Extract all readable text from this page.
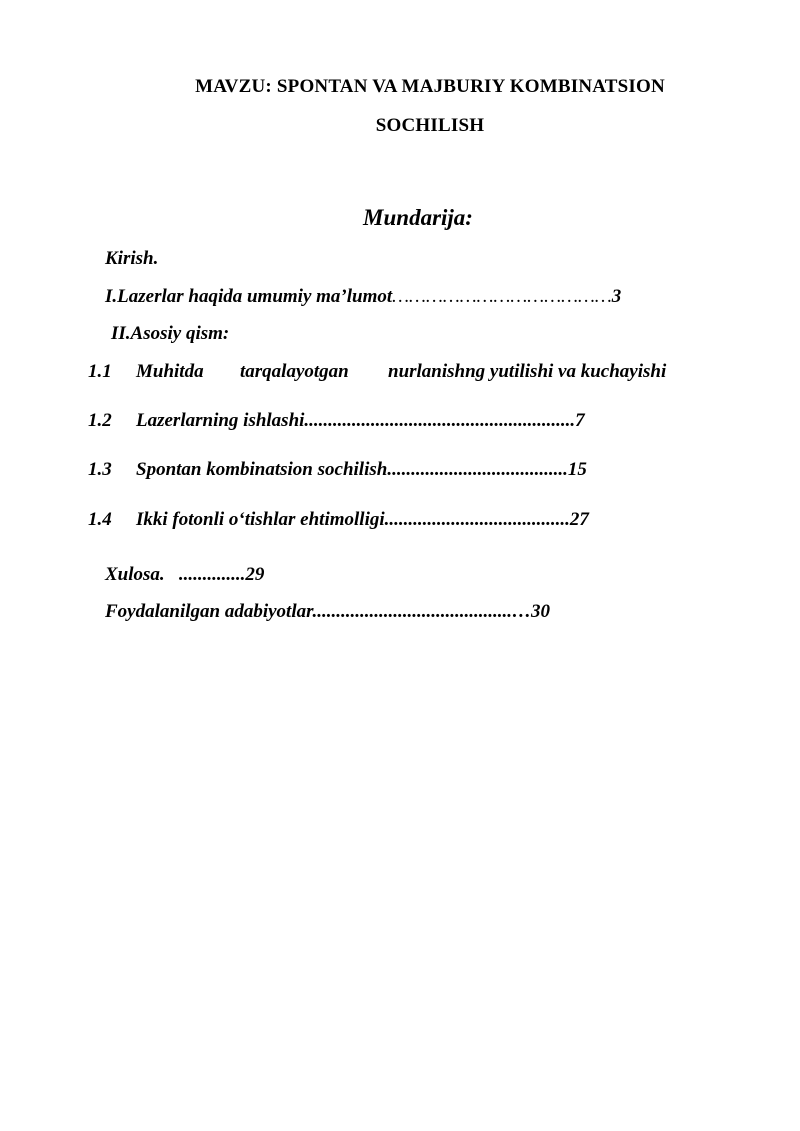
MAVZU: SPONTAN VA MAJBURIY KOMBINATSION
SOCHILISH
Mundarija:
Kirish.
I.Lazerlar haqida umumiy ma’lumot…………………………………3
II.Asosiy qism:
1.1 Muhitda tarqalayotgan nurlanishng yutilishi va kuchayishi
1.2 Lazerlarning ishlashi.........................................................7
1.3 Spontan kombinatsion sochilish......................................15
1.4 Ikki fotonli o‘tishlar ehtimolligi.......................................27
Xulosa.   ..............29
Foydalanilgan adabiyotlar..........................................…30
